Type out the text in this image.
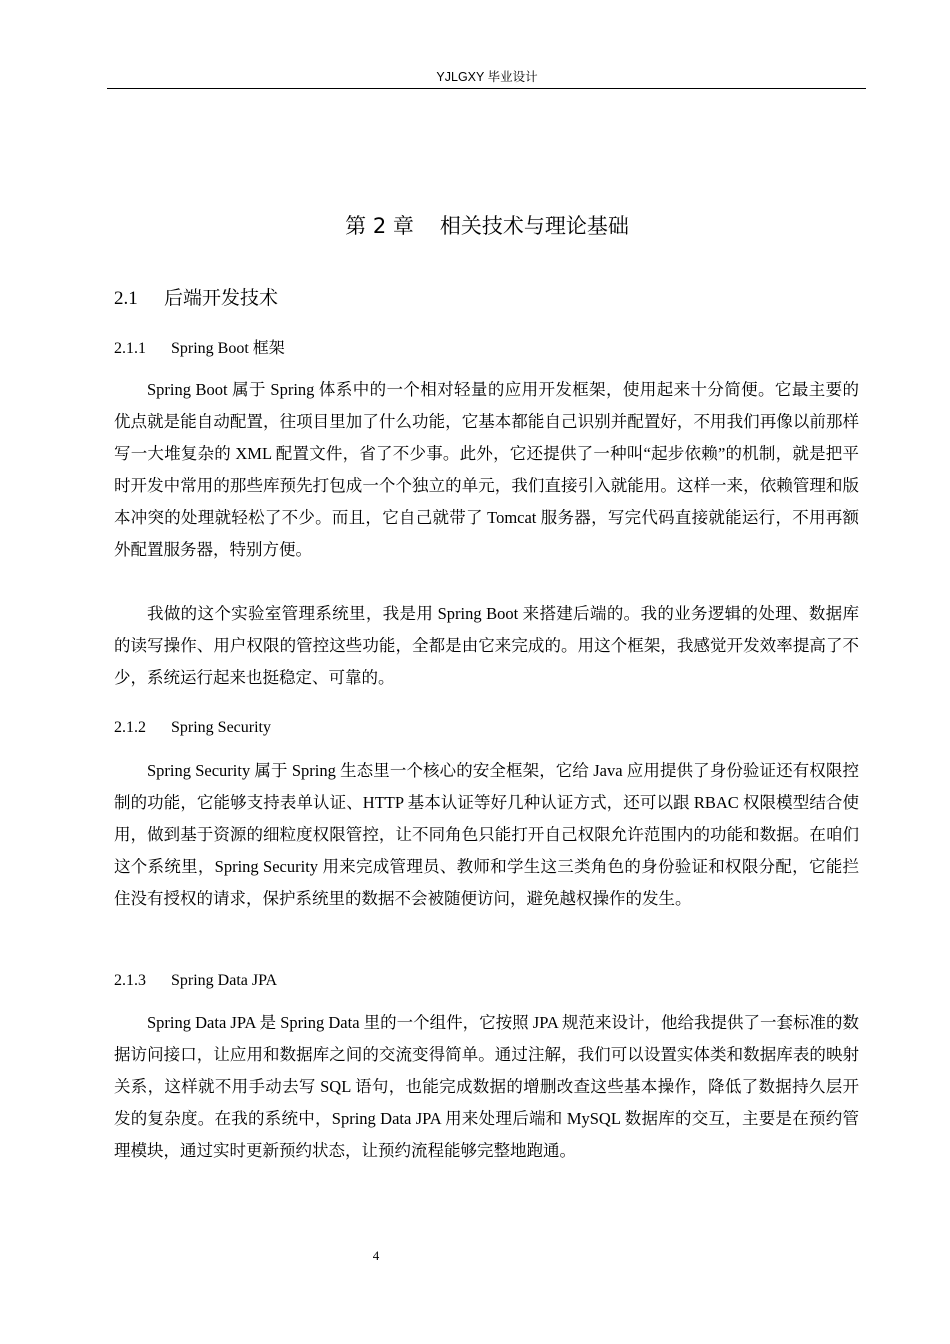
YJLGXY 毕业设计
第 2 章 相关技术与理论基础
2.1 后端开发技术
2.1.1 Spring Boot 框架

Spring Boot 属于 Spring 体系中的一个相对轻量的应用开发框架，使用起来十分简便。它最主要的优点就是能自动配置，往项目里加了什么功能，它基本都能自己识别并配置好，不用我们再像以前那样写一大堆复杂的 XML 配置文件，省了不少事。此外，它还提供了一种叫“起步依赖”的机制，就是把平时开发中常用的那些库预先打包成一个个独立的单元，我们直接引入就能用。这样一来，依赖管理和版本冲突的处理就轻松了不少。而且，它自己就带了 Tomcat 服务器，写完代码直接就能运行，不用再额外配置服务器，特别方便。

我做的这个实验室管理系统里，我是用 Spring Boot 来搭建后端的。我的业务逻辑的处理、数据库的读写操作、用户权限的管控这些功能，全都是由它来完成的。用这个框架，我感觉开发效率提高了不少，系统运行起来也挺稳定、可靠的。

2.1.2 Spring Security

Spring Security 属于 Spring 生态里一个核心的安全框架，它给 Java 应用提供了身份验证还有权限控制的功能，它能够支持表单认证、HTTP 基本认证等好几种认证方式，还可以跟 RBAC 权限模型结合使用，做到基于资源的细粒度权限管控，让不同角色只能打开自己权限允许范围内的功能和数据。在咱们这个系统里，Spring Security 用来完成管理员、教师和学生这三类角色的身份验证和权限分配，它能拦住没有授权的请求，保护系统里的数据不会被随便访问，避免越权操作的发生。

2.1.3 Spring Data JPA

Spring Data JPA 是 Spring Data 里的一个组件，它按照 JPA 规范来设计，他给我提供了一套标准的数据访问接口，让应用和数据库之间的交流变得简单。通过注解，我们可以设置实体类和数据库表的映射关系，这样就不用手动去写 SQL 语句，也能完成数据的增删改查这些基本操作，降低了数据持久层开发的复杂度。在我的系统中，Spring Data JPA 用来处理后端和 MySQL 数据库的交互，主要是在预约管理模块，通过实时更新预约状态，让预约流程能够完整地跑通。

4
